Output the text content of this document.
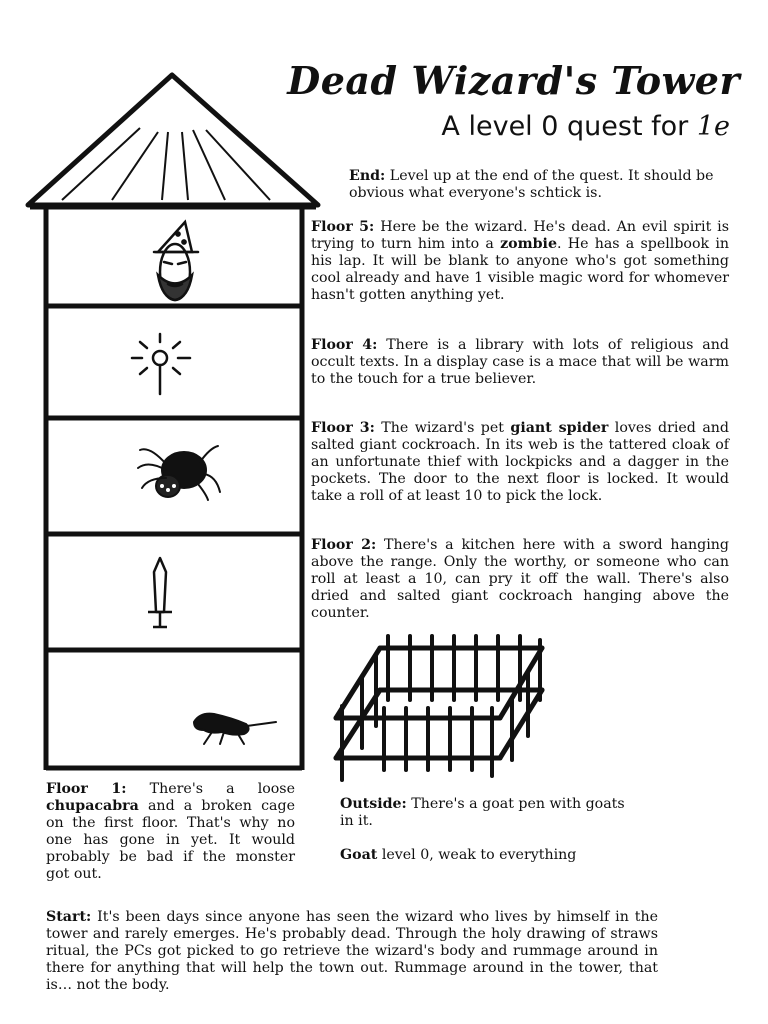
Dead Wizard's Tower
A level 0 quest for 1e

End: Level up at the end of the quest. It should be obvious what everyone's schtick is.

Floor 5: Here be the wizard. He's dead. An evil spirit is trying to turn him into a zombie. He has a spellbook in his lap. It will be blank to anyone who's got something cool already and have 1 visible magic word for whomever hasn't gotten anything yet.

Floor 4: There is a library with lots of religious and occult texts. In a display case is a mace that will be warm to the touch for a true believer.

Floor 3: The wizard's pet giant spider loves dried and salted giant cockroach. In its web is the tattered cloak of an unfortunate thief with lockpicks and a dagger in the pockets. The door to the next floor is locked. It would take a roll of at least 10 to pick the lock.

Floor 2: There's a kitchen here with a sword hanging above the range. Only the worthy, or someone who can roll at least a 10, can pry it off the wall. There's also dried and salted giant cockroach hanging above the counter.

Floor 1: There's a loose chupacabra and a broken cage on the first floor. That's why no one has gone in yet. It would probably be bad if the monster got out.

Outside: There's a goat pen with goats in it.

Goat level 0, weak to everything

Start: It's been days since anyone has seen the wizard who lives by himself in the tower and rarely emerges. He's probably dead. Through the holy drawing of straws ritual, the PCs got picked to go retrieve the wizard's body and rummage around in there for anything that will help the town out. Rummage around in the tower, that is… not the body.
